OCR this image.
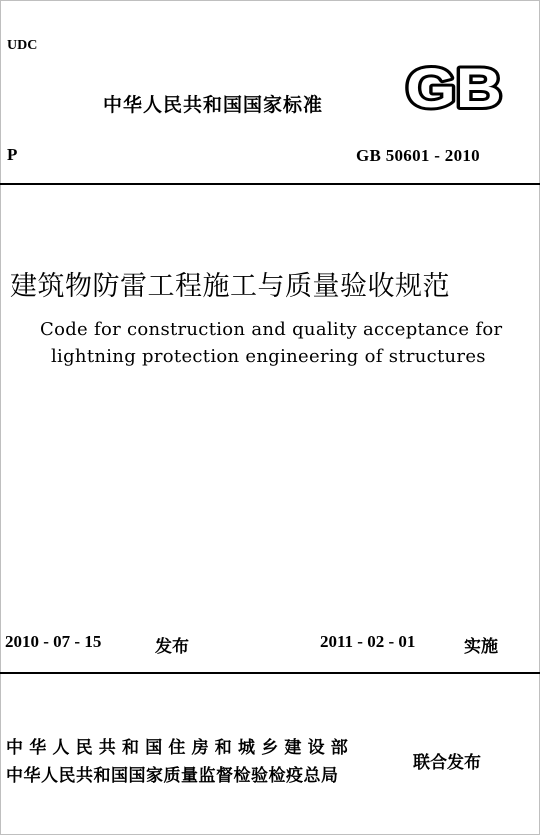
UDC
中华人民共和国国家标准 GB
P	GB 50601 - 2010
建筑物防雷工程施工与质量验收规范
Code for construction and quality acceptance for
lightning protection engineering of structures
2010 - 07 - 15	发布	2011 - 02 - 01	实施
中华人民共和国住房和城乡建设部
中华人民共和国国家质量监督检验检疫总局
联合发布
